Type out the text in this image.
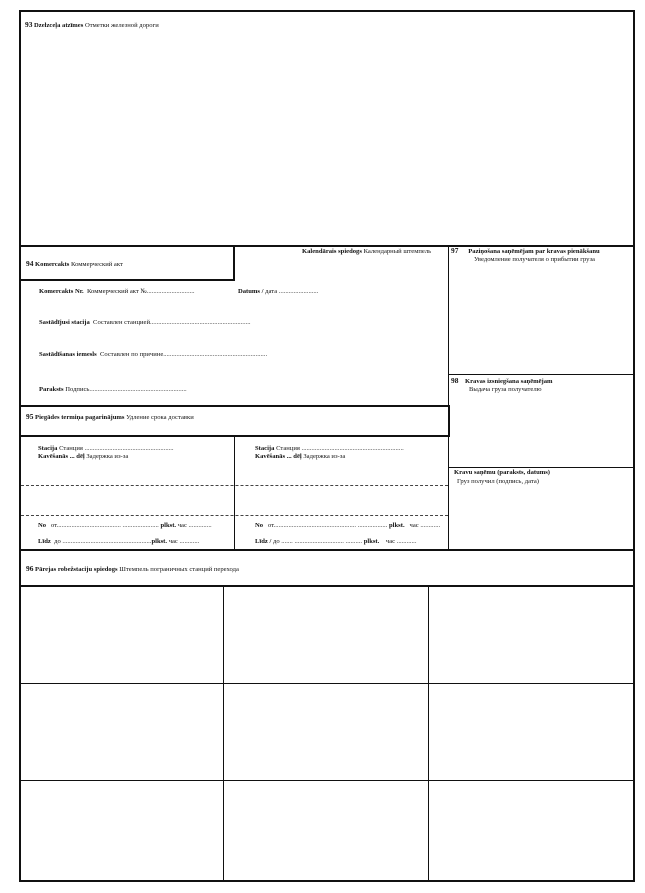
93 Dzelzceļa atzīmes Отметки железной дороги
94 Komercakts Коммерческий акт
Kalendārais spiedogs Календарный штемпель
Komercakts Nr. Коммерческий акт №.............................	Datums / дата ........................
Sastādījusi stacija Составлен станцией.............................................................
Sastādīšanas iemesls Составлен по причине...............................................................
Paraksts Подпись...........................................................
97 Paziņošana saņēmējam par kravas pienākšanu
Уведомление получателя о прибытии груза
98 Kravas izsniegšana saņēmējam
Выдача груза получателю
Kravu saņēmu (paraksts, datums)
Груз получил (подпись, дата)
95 Piegādes termiņa pagarinājums Удление срока доставки
Stacija Станция ......................................................
Kavēšanās ... dēļ Задержка из-за
No от....................................... ...................... plkst. час ..............
Līdz до ......................................................plkst. час ............
Stacija Станция ..............................................................
Kavēšanās ... dēļ Задержка из-за
No от.................................................. .................. plkst. час ............
Līdz / до ....... .............................. .......... plkst. час ............
96 Pārejas robežstaciju spiedogs Штемпель пограничных станций перехода
